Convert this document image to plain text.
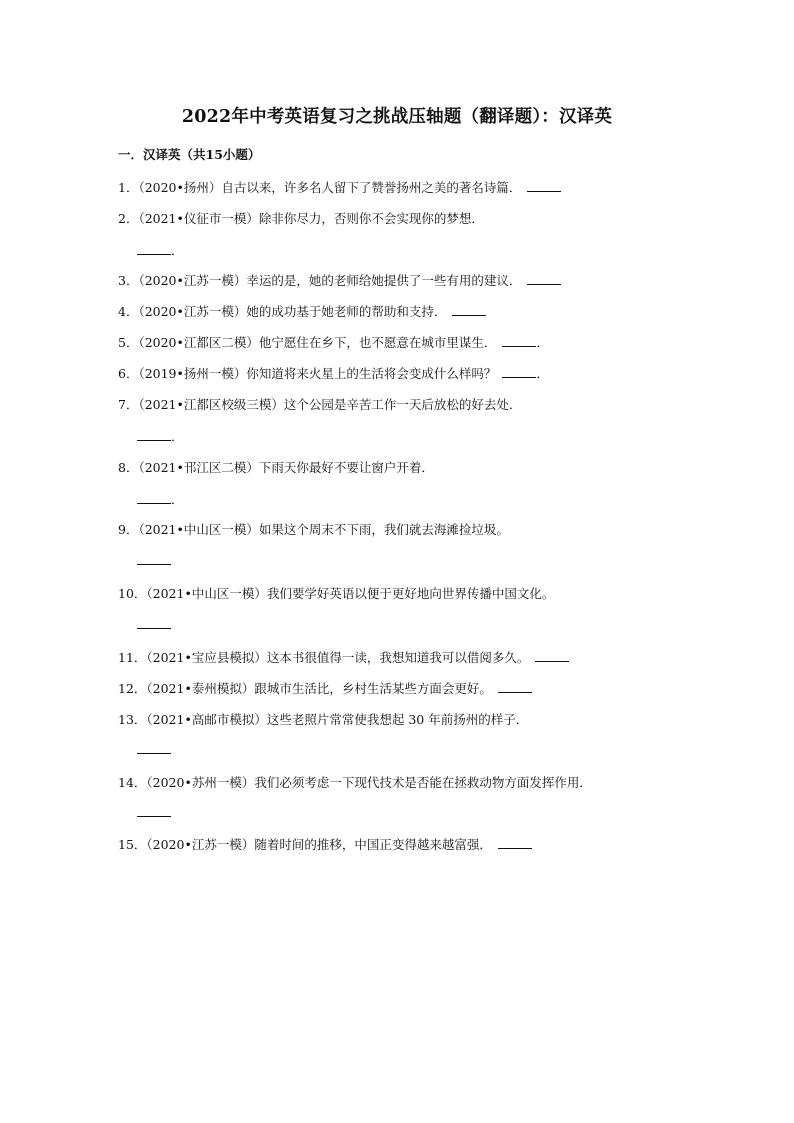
2022年中考英语复习之挑战压轴题（翻译题）：汉译英
一．汉译英（共15小题）
1．（2020•扬州）自古以来，许多名人留下了赞誉扬州之美的著名诗篇．
2．（2021•仪征市一模）除非你尽力，否则你不会实现你的梦想．
．
3．（2020•江苏一模）幸运的是，她的老师给她提供了一些有用的建议．
4．（2020•江苏一模）她的成功基于她老师的帮助和支持．
5．（2020•江都区二模）他宁愿住在乡下，也不愿意在城市里谋生．	．
6．（2019•扬州一模）你知道将来火星上的生活将会变成什么样吗？	．
7．（2021•江都区校级三模）这个公园是辛苦工作一天后放松的好去处．
．
8．（2021•邗江区二模）下雨天你最好不要让窗户开着．
．
9．（2021•中山区一模）如果这个周末不下雨，我们就去海滩捡垃圾。
10．（2021•中山区一模）我们要学好英语以便于更好地向世界传播中国文化。
11．（2021•宝应县模拟）这本书很值得一读，我想知道我可以借阅多久。
12．（2021•泰州模拟）跟城市生活比，乡村生活某些方面会更好。
13．（2021•高邮市模拟）这些老照片常常使我想起 30 年前扬州的样子．
14．（2020•苏州一模）我们必须考虑一下现代技术是否能在拯救动物方面发挥作用．
15．（2020•江苏一模）随着时间的推移，中国正变得越来越富强．
